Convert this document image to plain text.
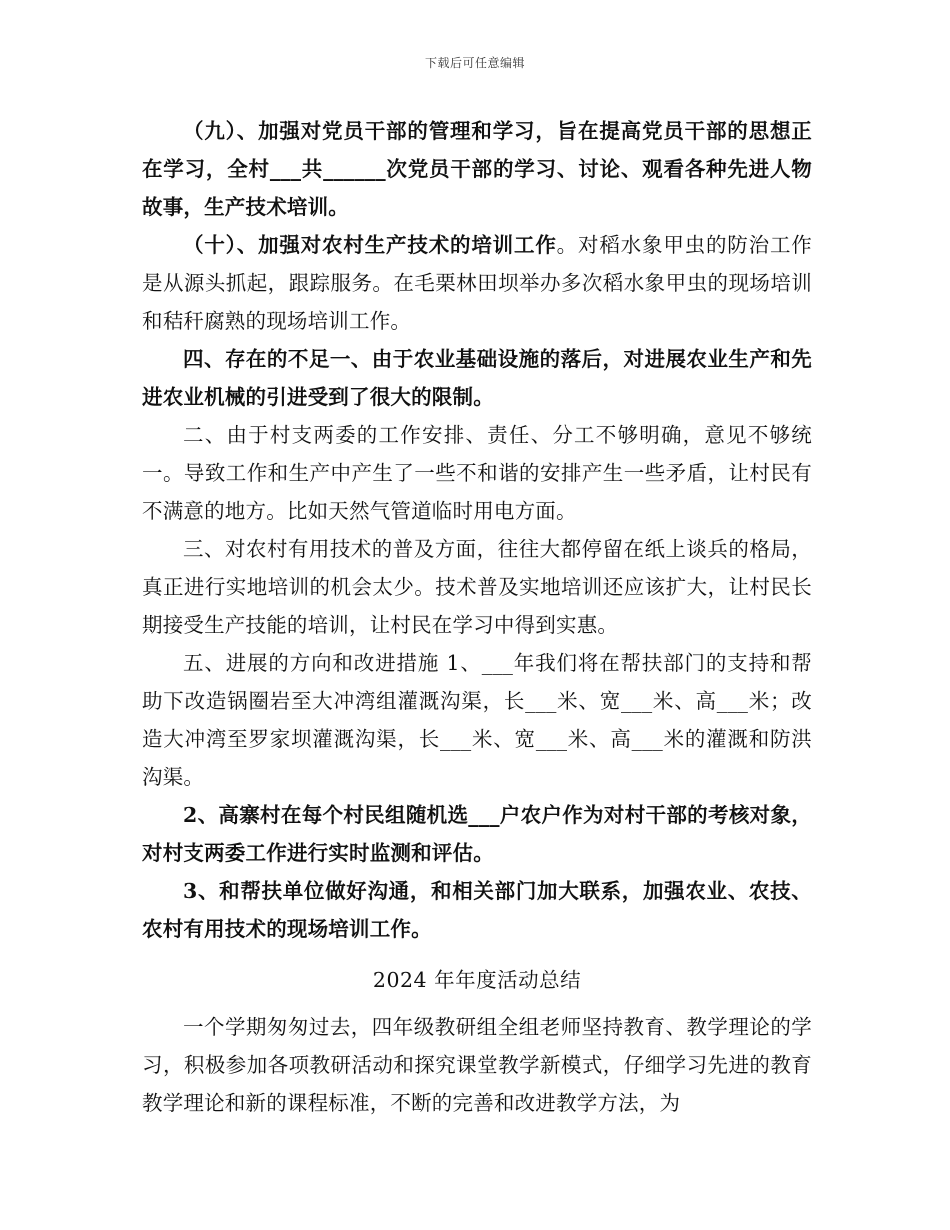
下载后可任意编辑

（九）、加强对党员干部的管理和学习，旨在提高党员干部的思想正在学习，全村___共______次党员干部的学习、讨论、观看各种先进人物故事，生产技术培训。

（十）、加强对农村生产技术的培训工作。对稻水象甲虫的防治工作是从源头抓起，跟踪服务。在毛栗林田坝举办多次稻水象甲虫的现场培训和秸秆腐熟的现场培训工作。

四、存在的不足一、由于农业基础设施的落后，对进展农业生产和先进农业机械的引进受到了很大的限制。

二、由于村支两委的工作安排、责任、分工不够明确，意见不够统一。导致工作和生产中产生了一些不和谐的安排产生一些矛盾，让村民有不满意的地方。比如天然气管道临时用电方面。

三、对农村有用技术的普及方面，往往大都停留在纸上谈兵的格局，真正进行实地培训的机会太少。技术普及实地培训还应该扩大，让村民长期接受生产技能的培训，让村民在学习中得到实惠。

五、进展的方向和改进措施 1、___年我们将在帮扶部门的支持和帮助下改造锅圈岩至大冲湾组灌溉沟渠，长___米、宽___米、高___米；改造大冲湾至罗家坝灌溉沟渠，长___米、宽___米、高___米的灌溉和防洪沟渠。

2、高寨村在每个村民组随机选___户农户作为对村干部的考核对象，对村支两委工作进行实时监测和评估。

3、和帮扶单位做好沟通，和相关部门加大联系，加强农业、农技、农村有用技术的现场培训工作。

2024 年年度活动总结

一个学期匆匆过去，四年级教研组全组老师坚持教育、教学理论的学习，积极参加各项教研活动和探究课堂教学新模式，仔细学习先进的教育教学理论和新的课程标准，不断的完善和改进教学方法，为
